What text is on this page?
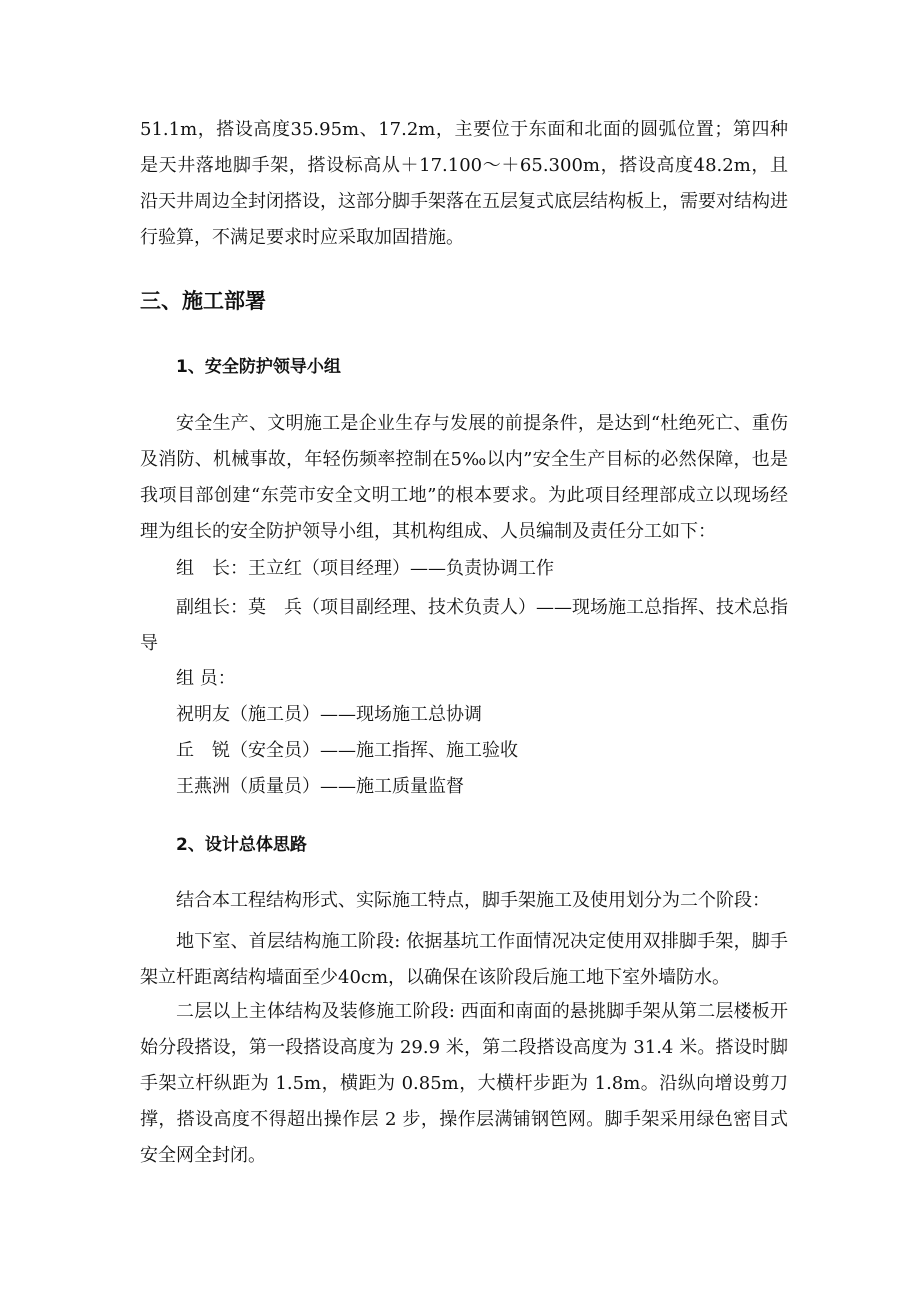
51.1m，搭设高度35.95m、17.2m，主要位于东面和北面的圆弧位置；第四种是天井落地脚手架，搭设标高从＋17.100～＋65.300m，搭设高度48.2m，且沿天井周边全封闭搭设，这部分脚手架落在五层复式底层结构板上，需要对结构进行验算，不满足要求时应采取加固措施。

三、施工部署
1、安全防护领导小组

安全生产、文明施工是企业生存与发展的前提条件，是达到“杜绝死亡、重伤及消防、机械事故，年轻伤频率控制在5‰以内”安全生产目标的必然保障，也是我项目部创建“东莞市安全文明工地”的根本要求。为此项目经理部成立以现场经理为组长的安全防护领导小组，其机构组成、人员编制及责任分工如下：

组　长：王立红（项目经理）——负责协调工作

副组长：莫　兵（项目副经理、技术负责人）——现场施工总指挥、技术总指导

组 员：

祝明友（施工员）——现场施工总协调

丘　锐（安全员）——施工指挥、施工验收

王燕洲（质量员）——施工质量监督

2、设计总体思路

结合本工程结构形式、实际施工特点，脚手架施工及使用划分为二个阶段：

地下室、首层结构施工阶段: 依据基坑工作面情况决定使用双排脚手架，脚手架立杆距离结构墙面至少40cm，以确保在该阶段后施工地下室外墙防水。

二层以上主体结构及装修施工阶段: 西面和南面的悬挑脚手架从第二层楼板开始分段搭设，第一段搭设高度为 29.9 米，第二段搭设高度为 31.4 米。搭设时脚手架立杆纵距为 1.5m，横距为 0.85m，大横杆步距为 1.8m。沿纵向增设剪刀撑，搭设高度不得超出操作层 2 步，操作层满铺钢笆网。脚手架采用绿色密目式安全网全封闭。
